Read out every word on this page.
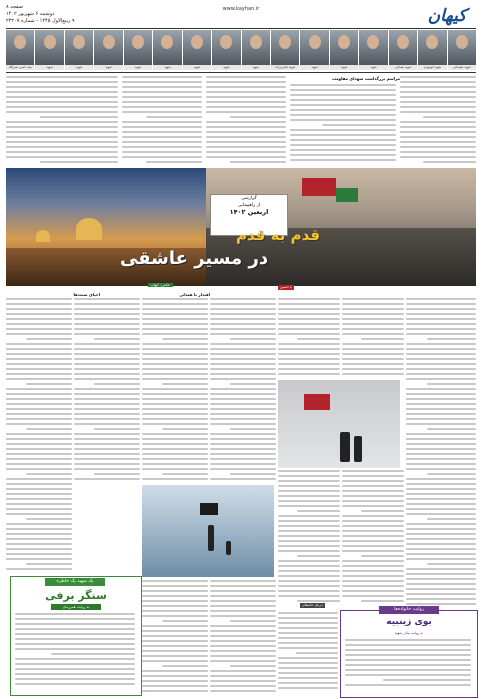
صفحه ۸
دوشنبه ۶ شهریور ۱۴۰۲
۹ ربیع‌الاول ۱۴۴۵ - شماره ۲۳۲۰۷
www.kayhan.ir	کیهان
شهید سلیمانی
شهید ابومهدی
شهید همدانی
شهید
شهید
شهید
شهید فخری‌زاده
شهید
شهید
شهید
شهید
شهید
شهید
شهید
شهید
سید حسن نصرالله
مراسم بزرگداشت شهدای مقاومت
گزارشی
از راهپیمایی
اربعین ۱۴۰۲
قدم به قدم
در مسیر عاشقی
عکس: کیهان
احیای سنت‌ها	اقتدار با همدلی
با حسین
دریای عاشقان
یک شهید یک خاطره
سنگر برفی
به روایت همرزمان	روایت خانواده‌ها
بوی زینبیه
به روایت مادر شهید
